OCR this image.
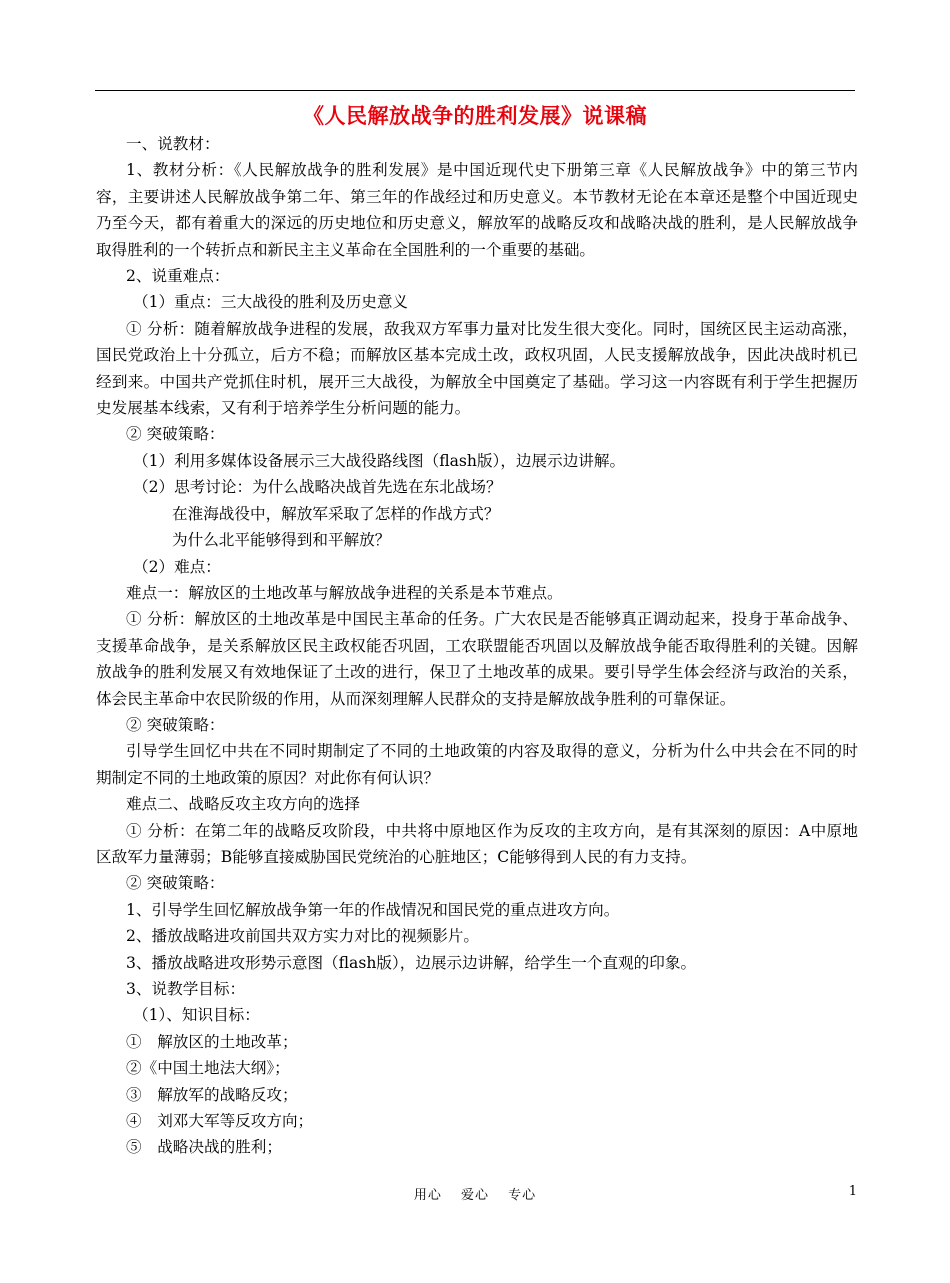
《人民解放战争的胜利发展》说课稿

一、说教材：

1、教材分析：《人民解放战争的胜利发展》是中国近现代史下册第三章《人民解放战争》中的第三节内容，主要讲述人民解放战争第二年、第三年的作战经过和历史意义。本节教材无论在本章还是整个中国近现史乃至今天，都有着重大的深远的历史地位和历史意义，解放军的战略反攻和战略决战的胜利，是人民解放战争取得胜利的一个转折点和新民主主义革命在全国胜利的一个重要的基础。

2、说重难点：

（1）重点：三大战役的胜利及历史意义

① 分析：随着解放战争进程的发展，敌我双方军事力量对比发生很大变化。同时，国统区民主运动高涨，国民党政治上十分孤立，后方不稳；而解放区基本完成土改，政权巩固，人民支援解放战争，因此决战时机已经到来。中国共产党抓住时机，展开三大战役，为解放全中国奠定了基础。学习这一内容既有利于学生把握历史发展基本线索，又有利于培养学生分析问题的能力。

② 突破策略：

（1）利用多媒体设备展示三大战役路线图（flash版），边展示边讲解。

（2）思考讨论：为什么战略决战首先选在东北战场？

在淮海战役中，解放军采取了怎样的作战方式？

为什么北平能够得到和平解放？

（2）难点：

难点一：解放区的土地改革与解放战争进程的关系是本节难点。

① 分析：解放区的土地改革是中国民主革命的任务。广大农民是否能够真正调动起来，投身于革命战争、支援革命战争，是关系解放区民主政权能否巩固，工农联盟能否巩固以及解放战争能否取得胜利的关键。因解放战争的胜利发展又有效地保证了土改的进行，保卫了土地改革的成果。要引导学生体会经济与政治的关系，体会民主革命中农民阶级的作用，从而深刻理解人民群众的支持是解放战争胜利的可靠保证。

② 突破策略：

引导学生回忆中共在不同时期制定了不同的土地政策的内容及取得的意义，分析为什么中共会在不同的时期制定不同的土地政策的原因？对此你有何认识？

难点二、战略反攻主攻方向的选择

① 分析：在第二年的战略反攻阶段，中共将中原地区作为反攻的主攻方向，是有其深刻的原因：A中原地区敌军力量薄弱；B能够直接威胁国民党统治的心脏地区；C能够得到人民的有力支持。

② 突破策略：

1、引导学生回忆解放战争第一年的作战情况和国民党的重点进攻方向。

2、播放战略进攻前国共双方实力对比的视频影片。

3、播放战略进攻形势示意图（flash版），边展示边讲解，给学生一个直观的印象。

3、说教学目标：

（1）、知识目标：

①　解放区的土地改革；

②《中国土地法大纲》；

③　解放军的战略反攻；

④　刘邓大军等反攻方向；

⑤　战略决战的胜利；

用心　 爱心　 专心	1
